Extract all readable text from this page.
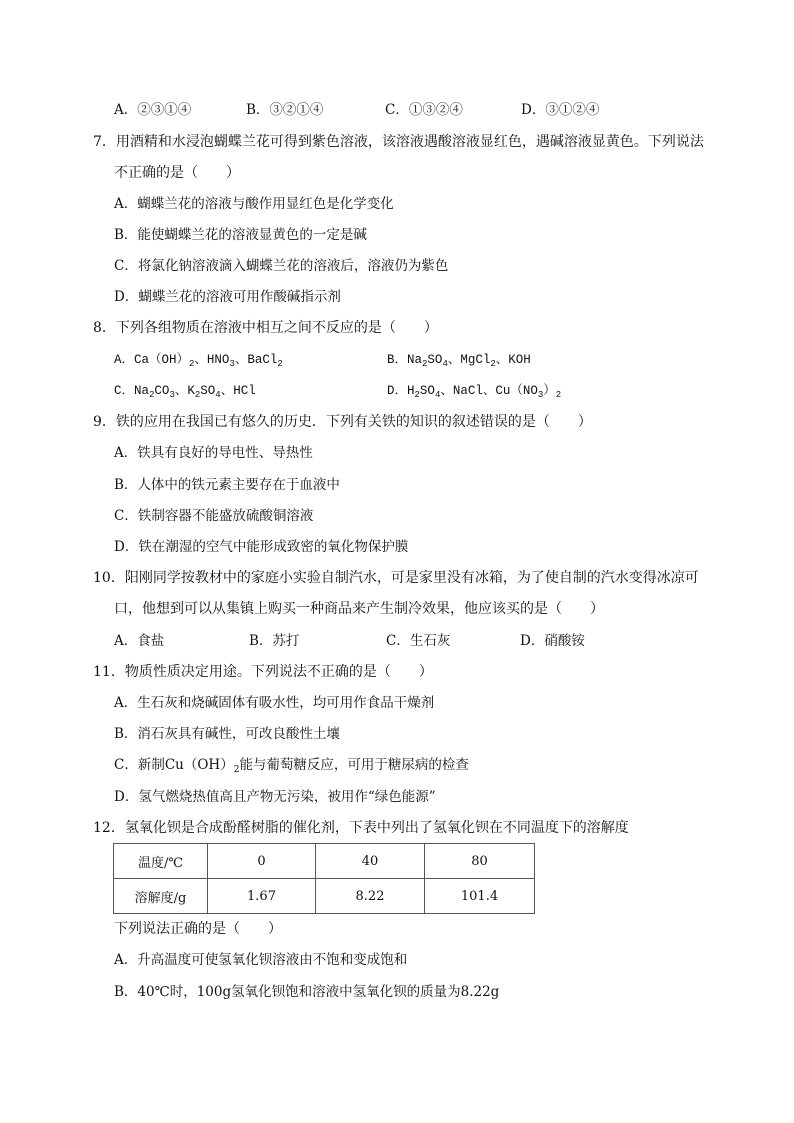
A．②③①④	B．③②①④	C．①③②④	D．③①②④
7．用酒精和水浸泡蝴蝶兰花可得到紫色溶液，该溶液遇酸溶液显红色，遇碱溶液显黄色。下列说法
不正确的是（　　）
A．蝴蝶兰花的溶液与酸作用显红色是化学变化
B．能使蝴蝶兰花的溶液显黄色的一定是碱
C．将氯化钠溶液滴入蝴蝶兰花的溶液后，溶液仍为紫色
D．蝴蝶兰花的溶液可用作酸碱指示剂
8．下列各组物质在溶液中相互之间不反应的是（　　）
A．$Ca(OH)_2$、$HNO_3$、BaCl$_2$	B．$Na_2SO_4$、MgCl$_2$、KOH
C．$Na_2CO_3$、$K_2SO_4$、HCl	D．$H_2SO_4$、NaCl、$Cu(NO_3)_2$
9．铁的应用在我国已有悠久的历史．下列有关铁的知识的叙述错误的是（　　）
A．铁具有良好的导电性、导热性
B．人体中的铁元素主要存在于血液中
C．铁制容器不能盛放硫酸铜溶液
D．铁在潮湿的空气中能形成致密的氧化物保护膜
10．阳刚同学按教材中的家庭小实验自制汽水，可是家里没有冰箱，为了使自制的汽水变得冰凉可
口，他想到可以从集镇上购买一种商品来产生制冷效果，他应该买的是（　　）
A．食盐	B．苏打	C．生石灰	D．硝酸铵
11．物质性质决定用途。下列说法不正确的是（　　）
A．生石灰和烧碱固体有吸水性，均可用作食品干燥剂
B．消石灰具有碱性，可改良酸性土壤
C．新制$Cu(OH)_2$能与葡萄糖反应，可用于糖尿病的检查
D．氢气燃烧热值高且产物无污染，被用作“绿色能源”
12．氢氧化钡是合成酚醛树脂的催化剂，下表中列出了氢氧化钡在不同温度下的溶解度
温度/℃	0	40	80
溶解度/g	1.67	8.22	101.4
下列说法正确的是（　　）
A．升高温度可使氢氧化钡溶液由不饱和变成饱和
B．40℃时，100g氢氧化钡饱和溶液中氢氧化钡的质量为8.22g
